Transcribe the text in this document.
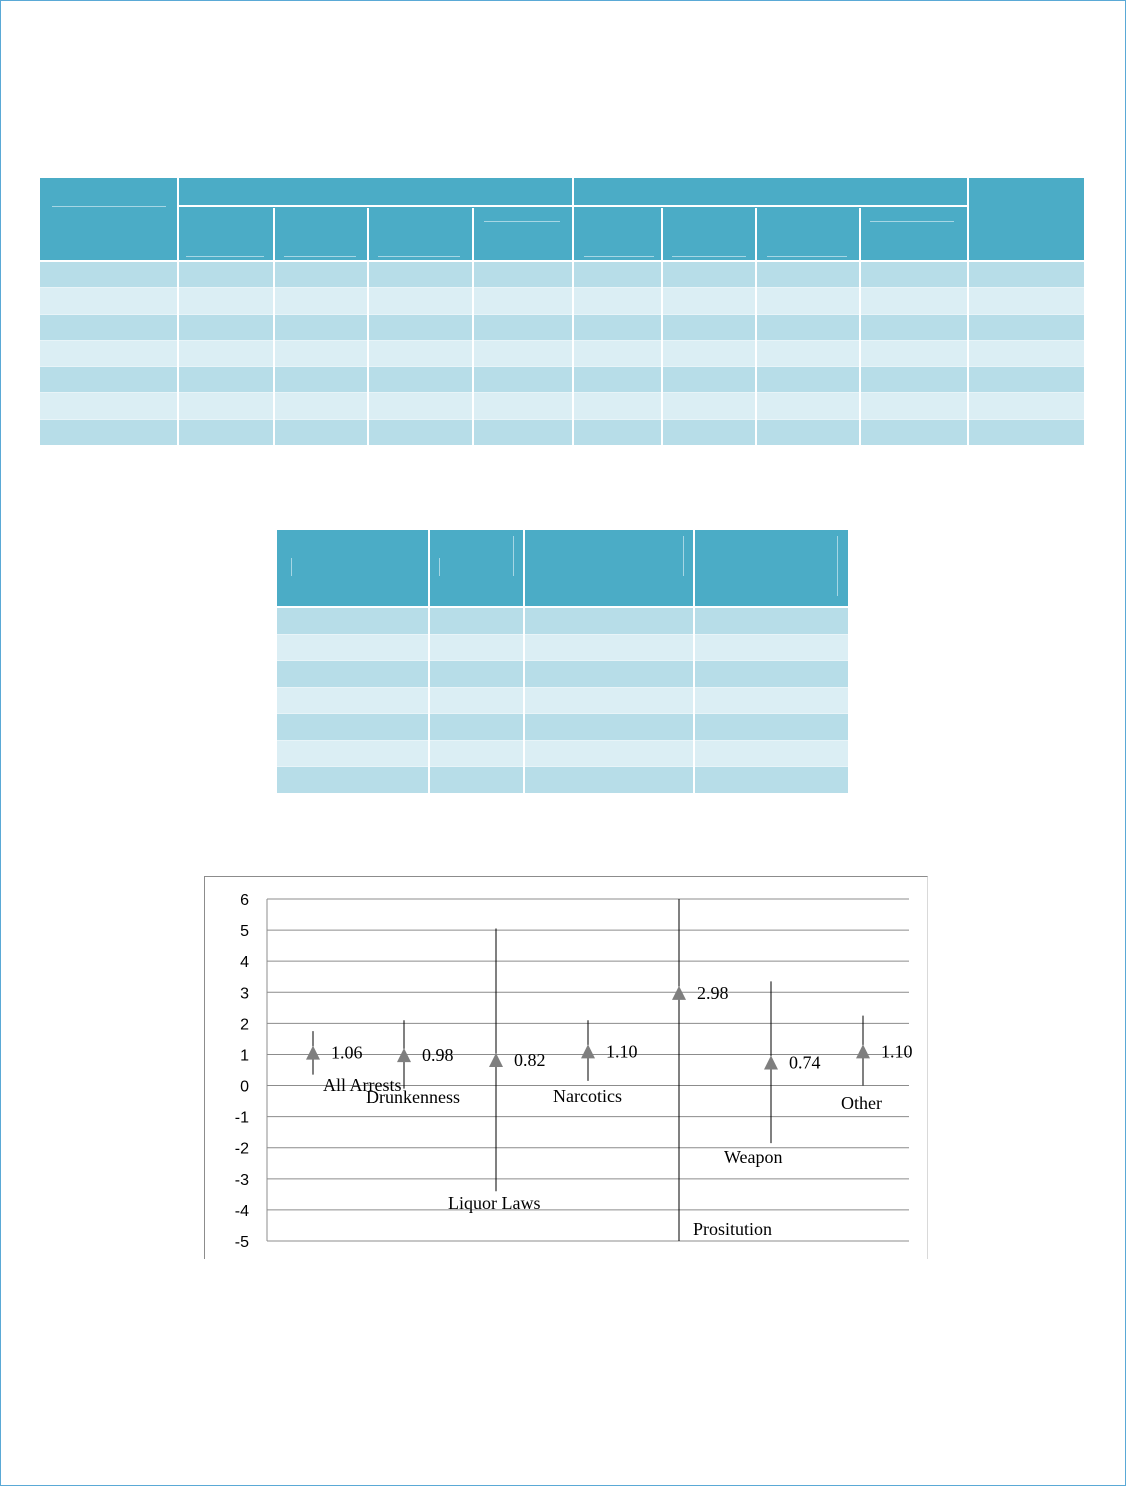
6
5
4
3
2
1
0
-1
-2
-3
-4
-5
1.06
All Arrests
0.98
Drunkenness
0.82
Liquor Laws
1.10
Narcotics
2.98
Prositution
0.74
Weapon
1.10
Other
